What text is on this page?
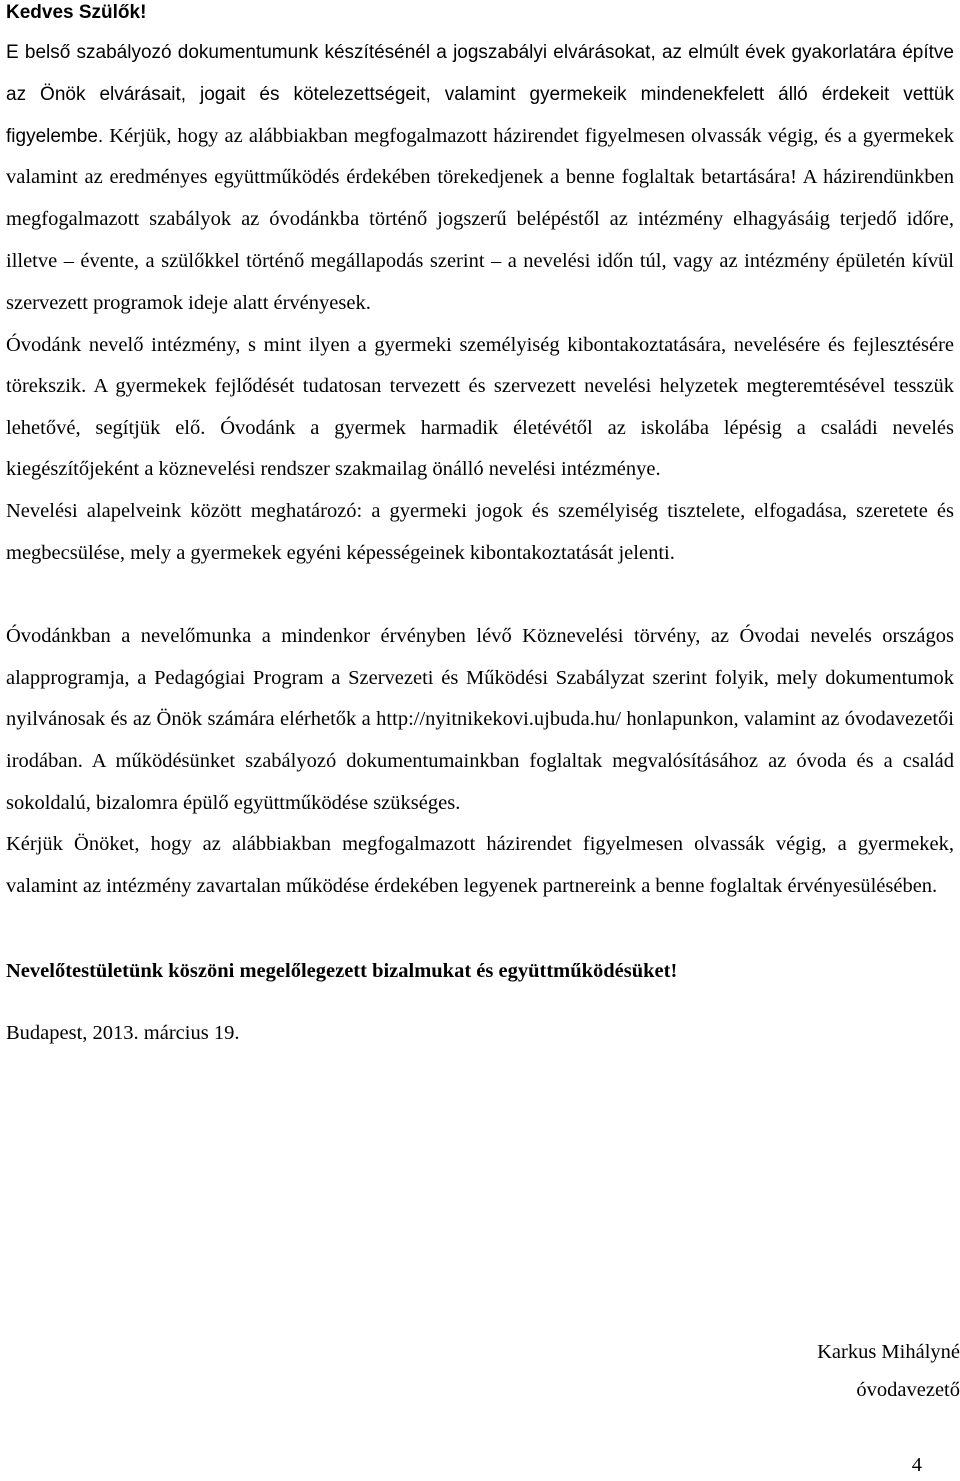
Kedves Szülők!

E belső szabályozó dokumentumunk készítésénél a jogszabályi elvárásokat, az elmúlt évek gyakorlatára építve az Önök elvárásait, jogait és kötelezettségeit, valamint gyermekeik mindenekfelett álló érdekeit vettük figyelembe. Kérjük, hogy az alábbiakban megfogalmazott házirendet figyelmesen olvassák végig, és a gyermekek valamint az eredményes együttműködés érdekében törekedjenek a benne foglaltak betartására! A házirendünkben megfogalmazott szabályok az óvodánkba történő jogszerű belépéstől az intézmény elhagyásáig terjedő időre, illetve – évente, a szülőkkel történő megállapodás szerint – a nevelési időn túl, vagy az intézmény épületén kívül szervezett programok ideje alatt érvényesek.

Óvodánk nevelő intézmény, s mint ilyen a gyermeki személyiség kibontakoztatására, nevelésére és fejlesztésére törekszik. A gyermekek fejlődését tudatosan tervezett és szervezett nevelési helyzetek megteremtésével tesszük lehetővé, segítjük elő. Óvodánk a gyermek harmadik életévétől az iskolába lépésig a családi nevelés kiegészítőjeként a köznevelési rendszer szakmailag önálló nevelési intézménye.

Nevelési alapelveink között meghatározó: a gyermeki jogok és személyiség tisztelete, elfogadása, szeretete és megbecsülése, mely a gyermekek egyéni képességeinek kibontakoztatását jelenti.

Óvodánkban a nevelőmunka a mindenkor érvényben lévő Köznevelési törvény, az Óvodai nevelés országos alapprogramja, a Pedagógiai Program a Szervezeti és Működési Szabályzat szerint folyik, mely dokumentumok nyilvánosak és az Önök számára elérhetők a http://nyitnikekovi.ujbuda.hu/ honlapunkon, valamint az óvodavezetői irodában. A működésünket szabályozó dokumentumainkban foglaltak megvalósításához az óvoda és a család sokoldalú, bizalomra épülő együttműködése szükséges.

Kérjük Önöket, hogy az alábbiakban megfogalmazott házirendet figyelmesen olvassák végig, a gyermekek, valamint az intézmény zavartalan működése érdekében legyenek partnereink a benne foglaltak érvényesülésében.

Nevelőtestületünk köszöni megelőlegezett bizalmukat és együttműködésüket!

Budapest, 2013. március 19.

Karkus Mihályné
óvodavezető
4
